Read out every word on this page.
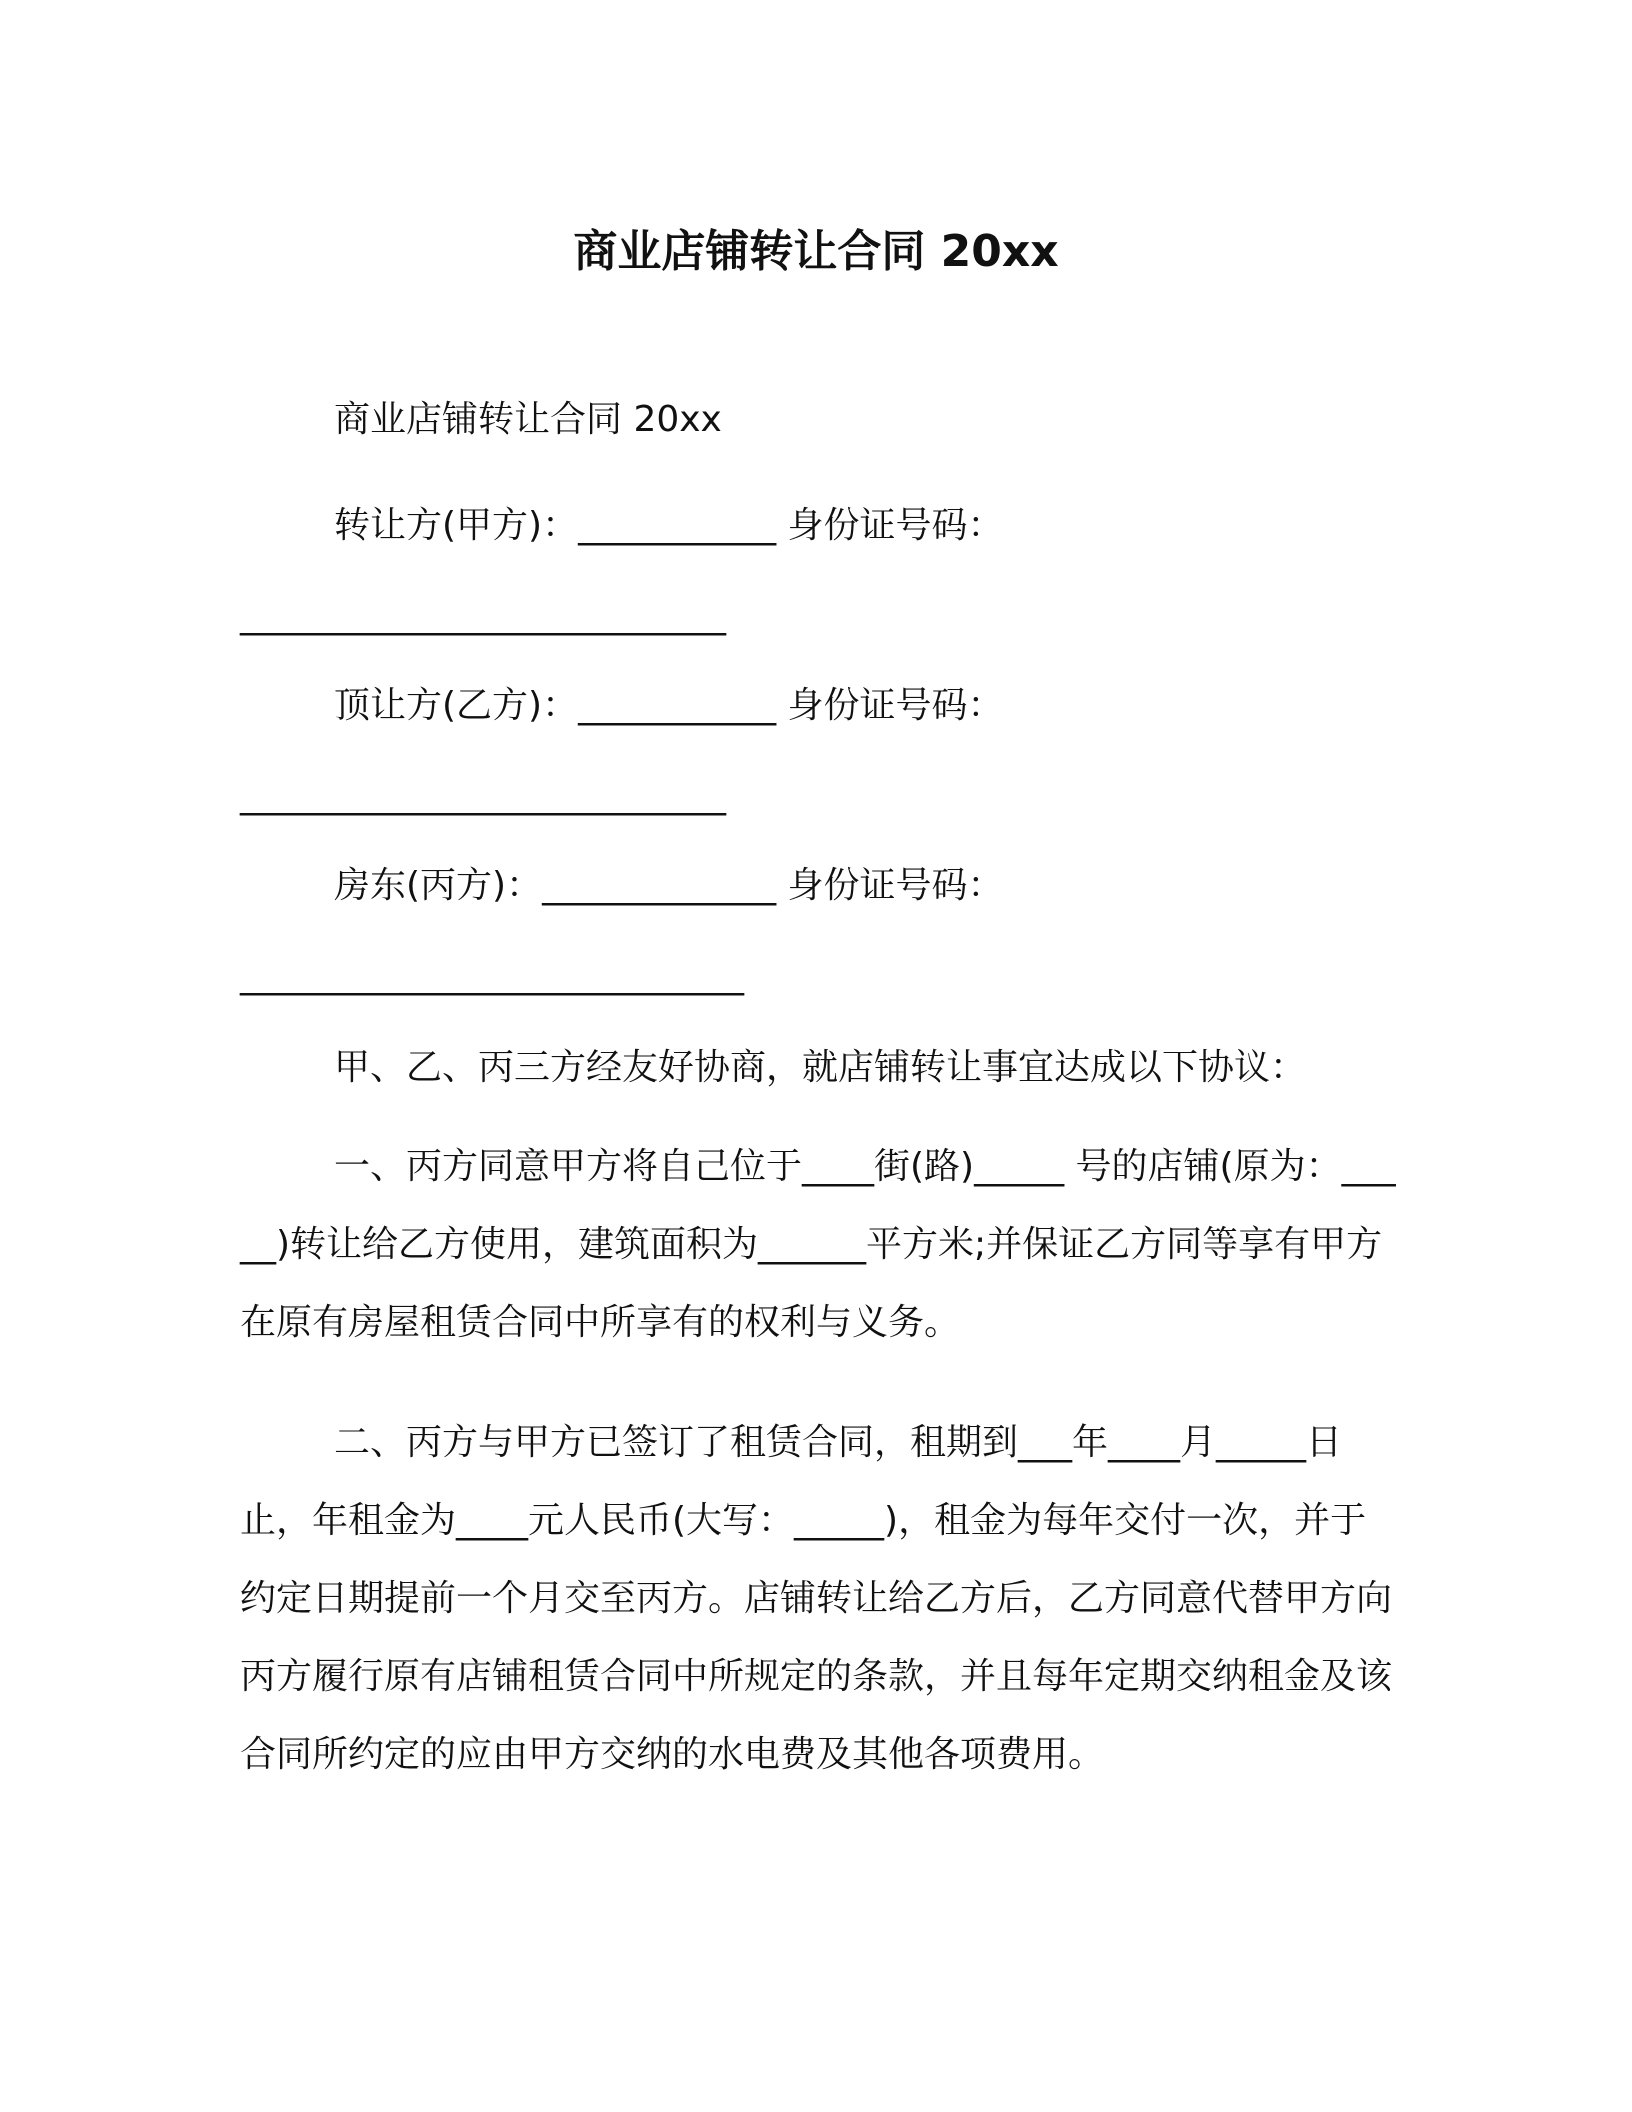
商业店铺转让合同 20xx
商业店铺转让合同 20xx
转让方(甲方)：___________ 身份证号码：
___________________________
顶让方(乙方)：___________ 身份证号码：
___________________________
房东(丙方)：_____________ 身份证号码：
____________________________
甲、乙、丙三方经友好协商，就店铺转让事宜达成以下协议：
一、丙方同意甲方将自己位于____街(路)_____ 号的店铺(原为：_____)转让给乙方使用，建筑面积为______平方米;并保证乙方同等享有甲方在原有房屋租赁合同中所享有的权利与义务。
二、丙方与甲方已签订了租赁合同，租期到___年____月_____日止，年租金为____元人民币(大写：_____)，租金为每年交付一次，并于约定日期提前一个月交至丙方。店铺转让给乙方后，乙方同意代替甲方向丙方履行原有店铺租赁合同中所规定的条款，并且每年定期交纳租金及该合同所约定的应由甲方交纳的水电费及其他各项费用。
